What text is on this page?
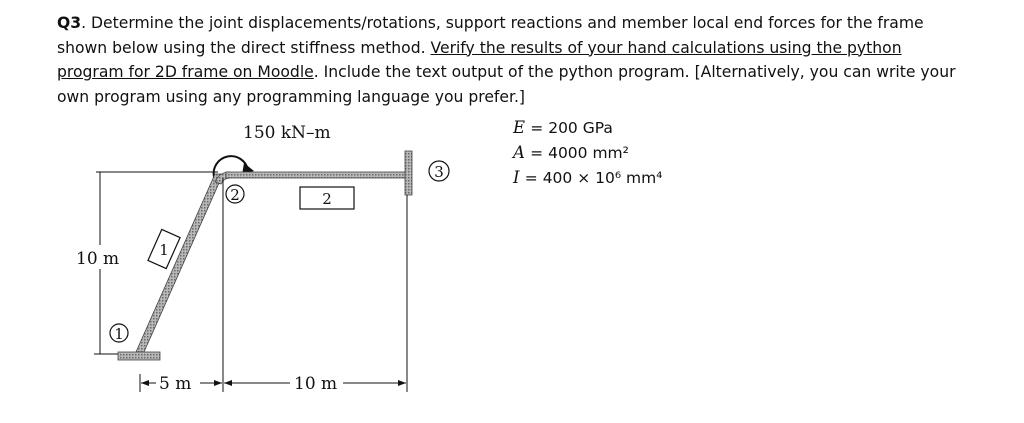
Q3. Determine the joint displacements/rotations, support reactions and member local end forces for the frame shown below using the direct stiffness method. Verify the results of your hand calculations using the python program for 2D frame on Moodle. Include the text output of the python program. [Alternatively, you can write your own program using any programming language you prefer.]
E = 200 GPa
A = 4000 mm²
I = 400 × 10⁶ mm⁴
150 kN–m
10 m
1
2
3
1
2
5 m	10 m
